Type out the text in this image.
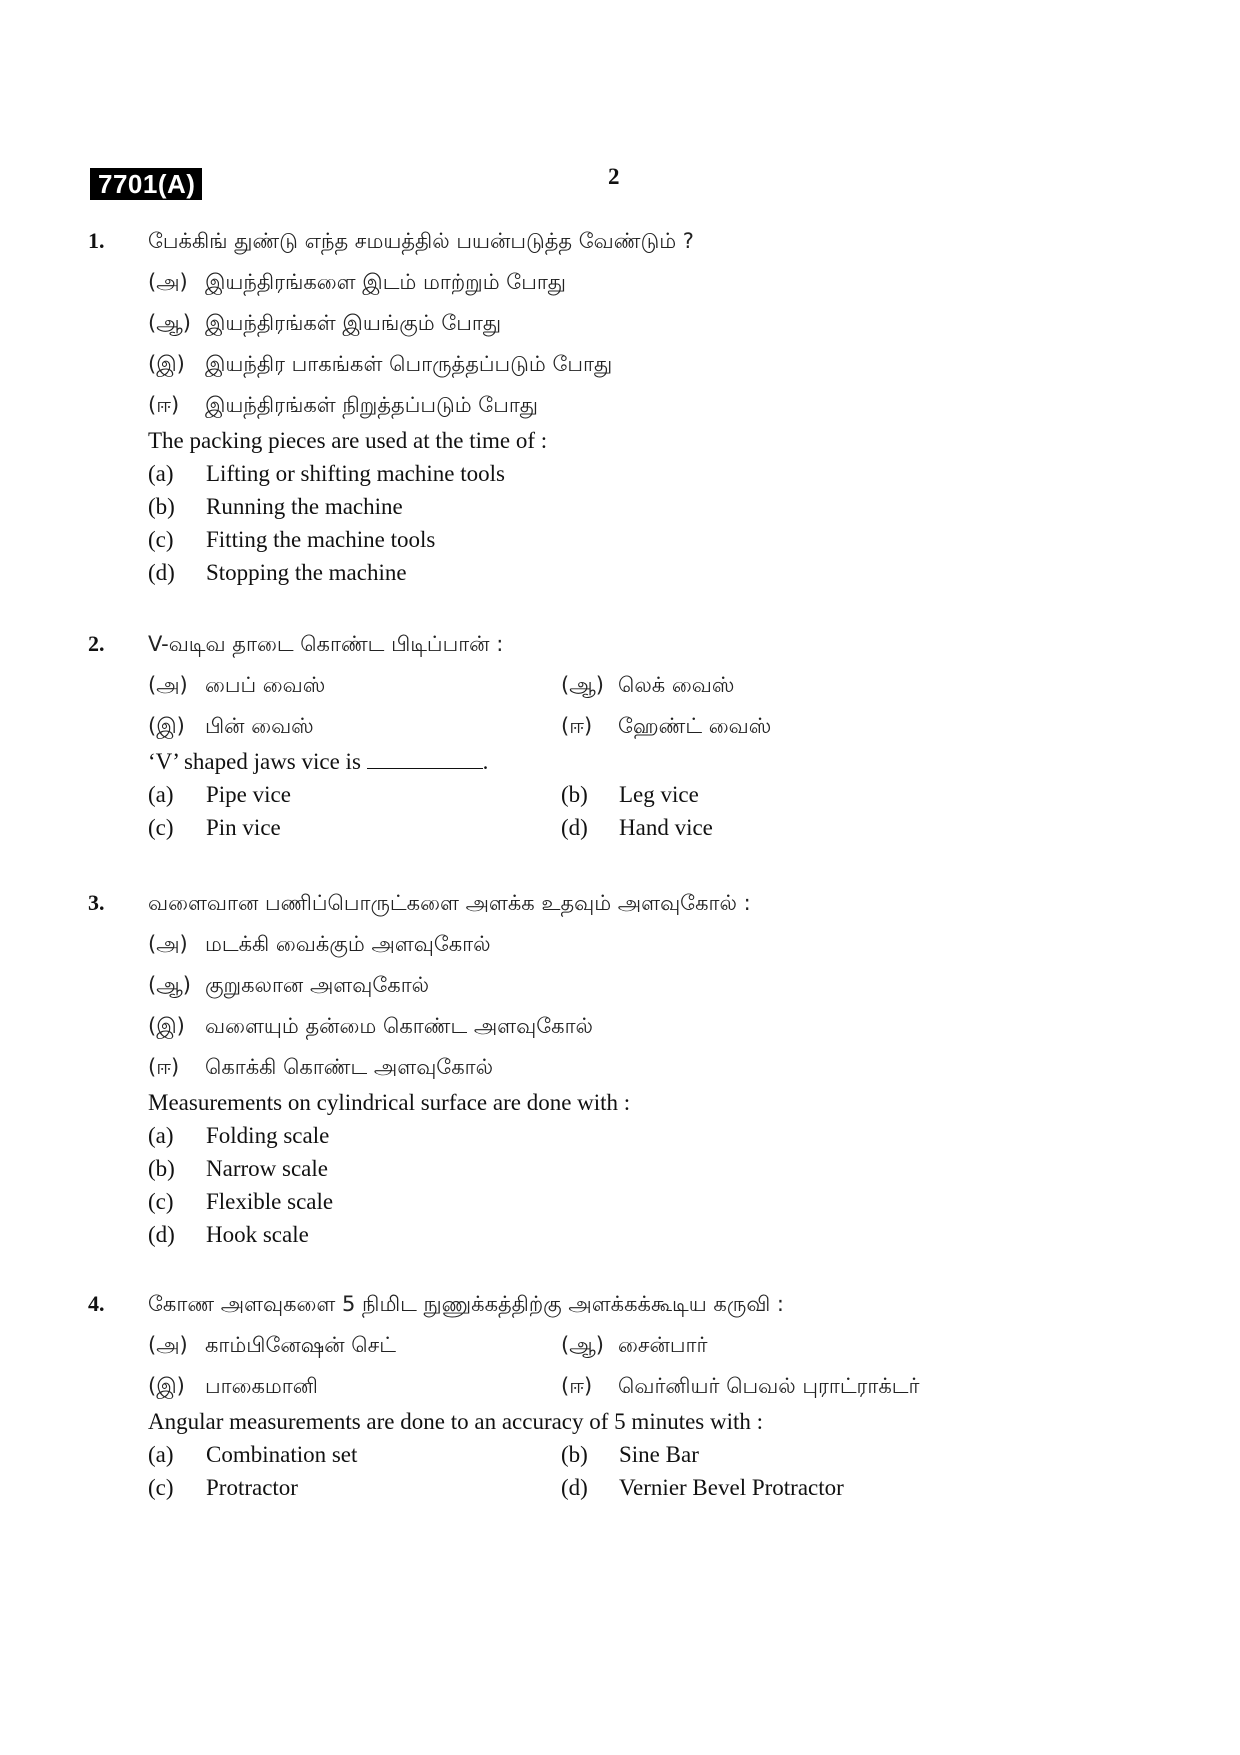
7701(A)	2
1. பேக்கிங் துண்டு எந்த சமயத்தில் பயன்படுத்த வேண்டும் ?
(அ) இயந்திரங்களை இடம் மாற்றும் போது
(ஆ) இயந்திரங்கள் இயங்கும் போது
(இ) இயந்திர பாகங்கள் பொருத்தப்படும் போது
(ஈ) இயந்திரங்கள் நிறுத்தப்படும் போது
The packing pieces are used at the time of :
(a) Lifting or shifting machine tools
(b) Running the machine
(c) Fitting the machine tools
(d) Stopping the machine
2. V-வடிவ தாடை கொண்ட பிடிப்பான் :
(அ) பைப் வைஸ்	(ஆ) லெக் வைஸ்
(இ) பின் வைஸ்	(ஈ) ஹேண்ட் வைஸ்
‘V’ shaped jaws vice is	.
(a) Pipe vice	(b) Leg vice
(c) Pin vice	(d) Hand vice
3. வளைவான பணிப்பொருட்களை அளக்க உதவும் அளவுகோல் :
(அ) மடக்கி வைக்கும் அளவுகோல்
(ஆ) குறுகலான அளவுகோல்
(இ) வளையும் தன்மை கொண்ட அளவுகோல்
(ஈ) கொக்கி கொண்ட அளவுகோல்
Measurements on cylindrical surface are done with :
(a) Folding scale
(b) Narrow scale
(c) Flexible scale
(d) Hook scale
4. கோண அளவுகளை 5 நிமிட நுணுக்கத்திற்கு அளக்கக்கூடிய கருவி :
(அ) காம்பினேஷன் செட்	(ஆ) சைன்பார்
(இ) பாகைமானி	(ஈ) வெர்னியர் பெவல் புராட்ராக்டர்
Angular measurements are done to an accuracy of 5 minutes with :
(a) Combination set	(b) Sine Bar
(c) Protractor	(d) Vernier Bevel Protractor
